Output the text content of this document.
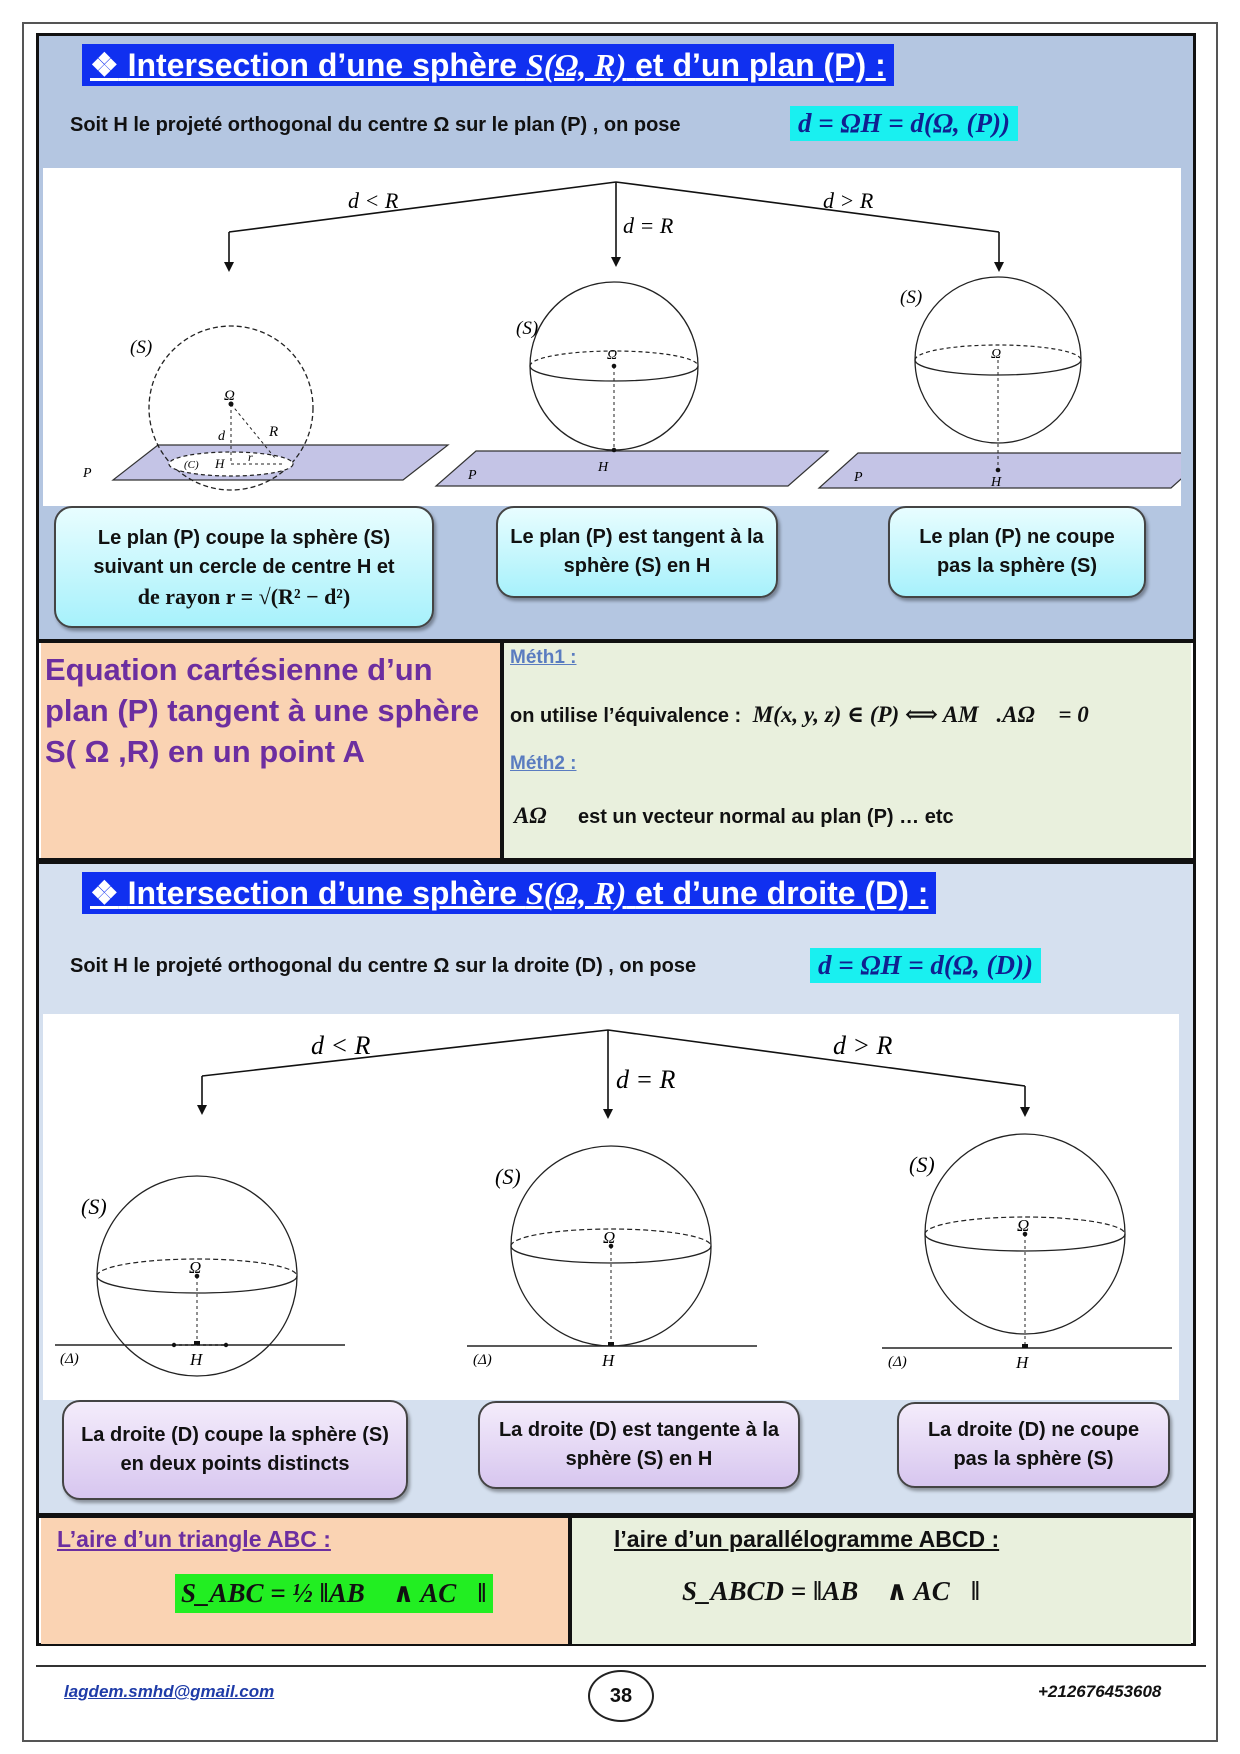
❖ Intersection d’une sphère S(Ω, R) et d’un plan (P) :
Soit H le projeté orthogonal du centre Ω sur le plan (P) , on pose	d = ΩH = d(Ω, (P))
d < R
d = R
d > R
Ω
d	R
r
H
(C)
(S)
P
Ω
H
(S)
P
Ω
H
(S)
P
Le plan (P) coupe la sphère (S) suivant un cercle de centre H et
de rayon r = √(R² − d²)
Le plan (P) est tangent à la sphère (S) en H
Le plan (P) ne coupe pas la sphère (S)
Equation cartésienne d’un plan (P) tangent à une sphère S( Ω ,R) en un point A
Méth1 :
on utilise l’équivalence : M(x, y, z) ∈ (P) ⟺ AM⃗.AΩ⃗ = 0
Méth2 :
AΩ⃗ est un vecteur normal au plan (P) … etc
❖ Intersection d’une sphère S(Ω, R) et d’une droite (D) :
Soit H le projeté orthogonal du centre Ω sur la droite (D) , on pose	d = ΩH = d(Ω, (D))
d < R
d = R
d > R
Ω
H
(S)
(Δ)
Ω
H
(S)
(Δ)
Ω
H
(S)
(Δ)
La droite (D) coupe la sphère (S) en deux points distincts
La droite (D) est tangente à la sphère (S) en H
La droite (D) ne coupe pas la sphère (S)
L’aire d’un triangle ABC :
S_ABC = ½ ‖AB⃗ ∧ AC⃗‖
l’aire d’un parallélogramme ABCD :
S_ABCD = ‖AB⃗ ∧ AC⃗‖
lagdem.smhd@gmail.com	38	+212676453608
